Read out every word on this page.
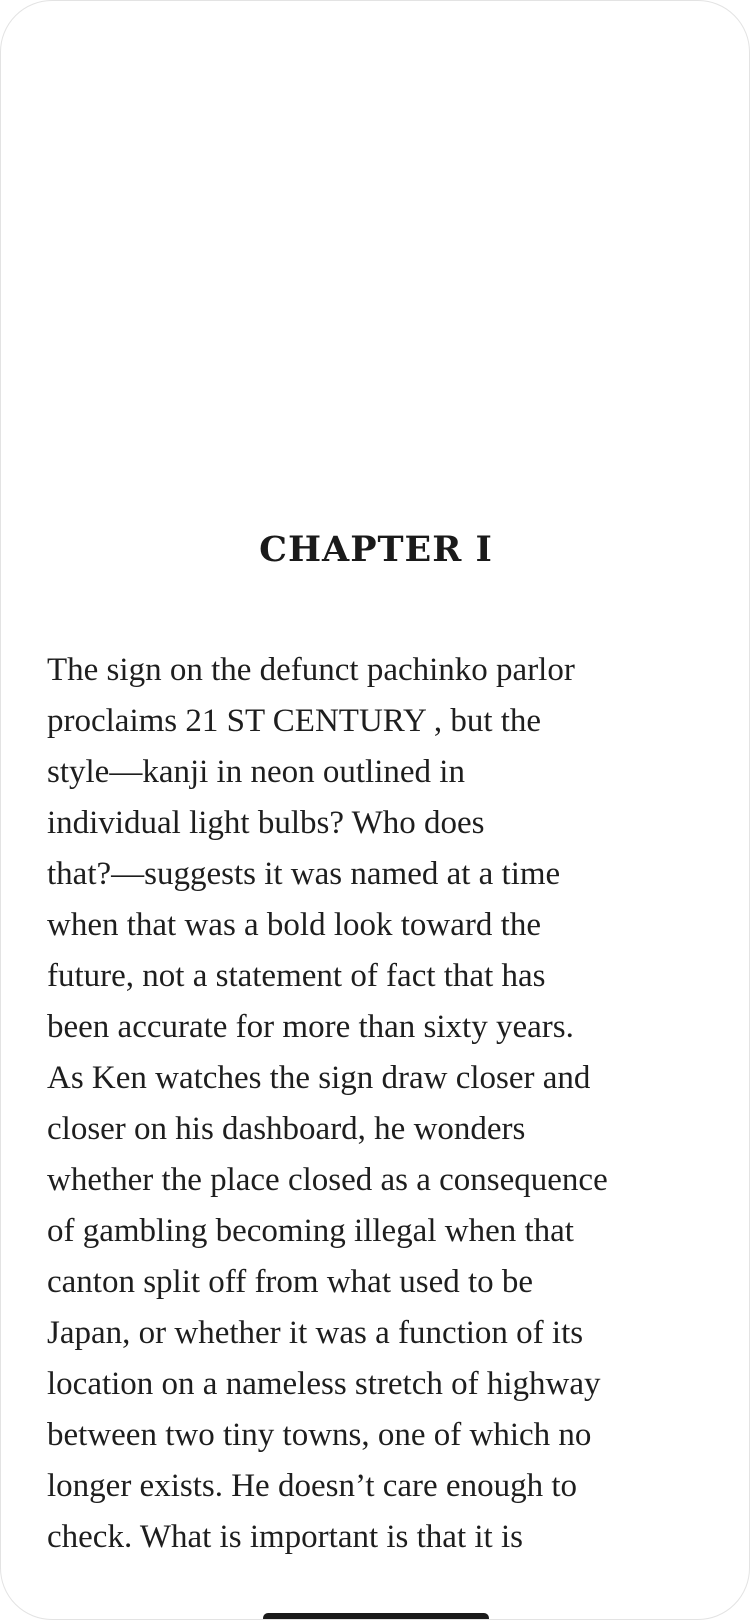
CHAPTER I
The sign on the defunct pachinko parlor
proclaims 21 ST CENTURY , but the
style—kanji in neon outlined in
individual light bulbs? Who does
that?—suggests it was named at a time
when that was a bold look toward the
future, not a statement of fact that has
been accurate for more than sixty years.
As Ken watches the sign draw closer and
closer on his dashboard, he wonders
whether the place closed as a consequence
of gambling becoming illegal when that
canton split off from what used to be
Japan, or whether it was a function of its
location on a nameless stretch of highway
between two tiny towns, one of which no
longer exists. He doesn’t care enough to
check. What is important is that it is
